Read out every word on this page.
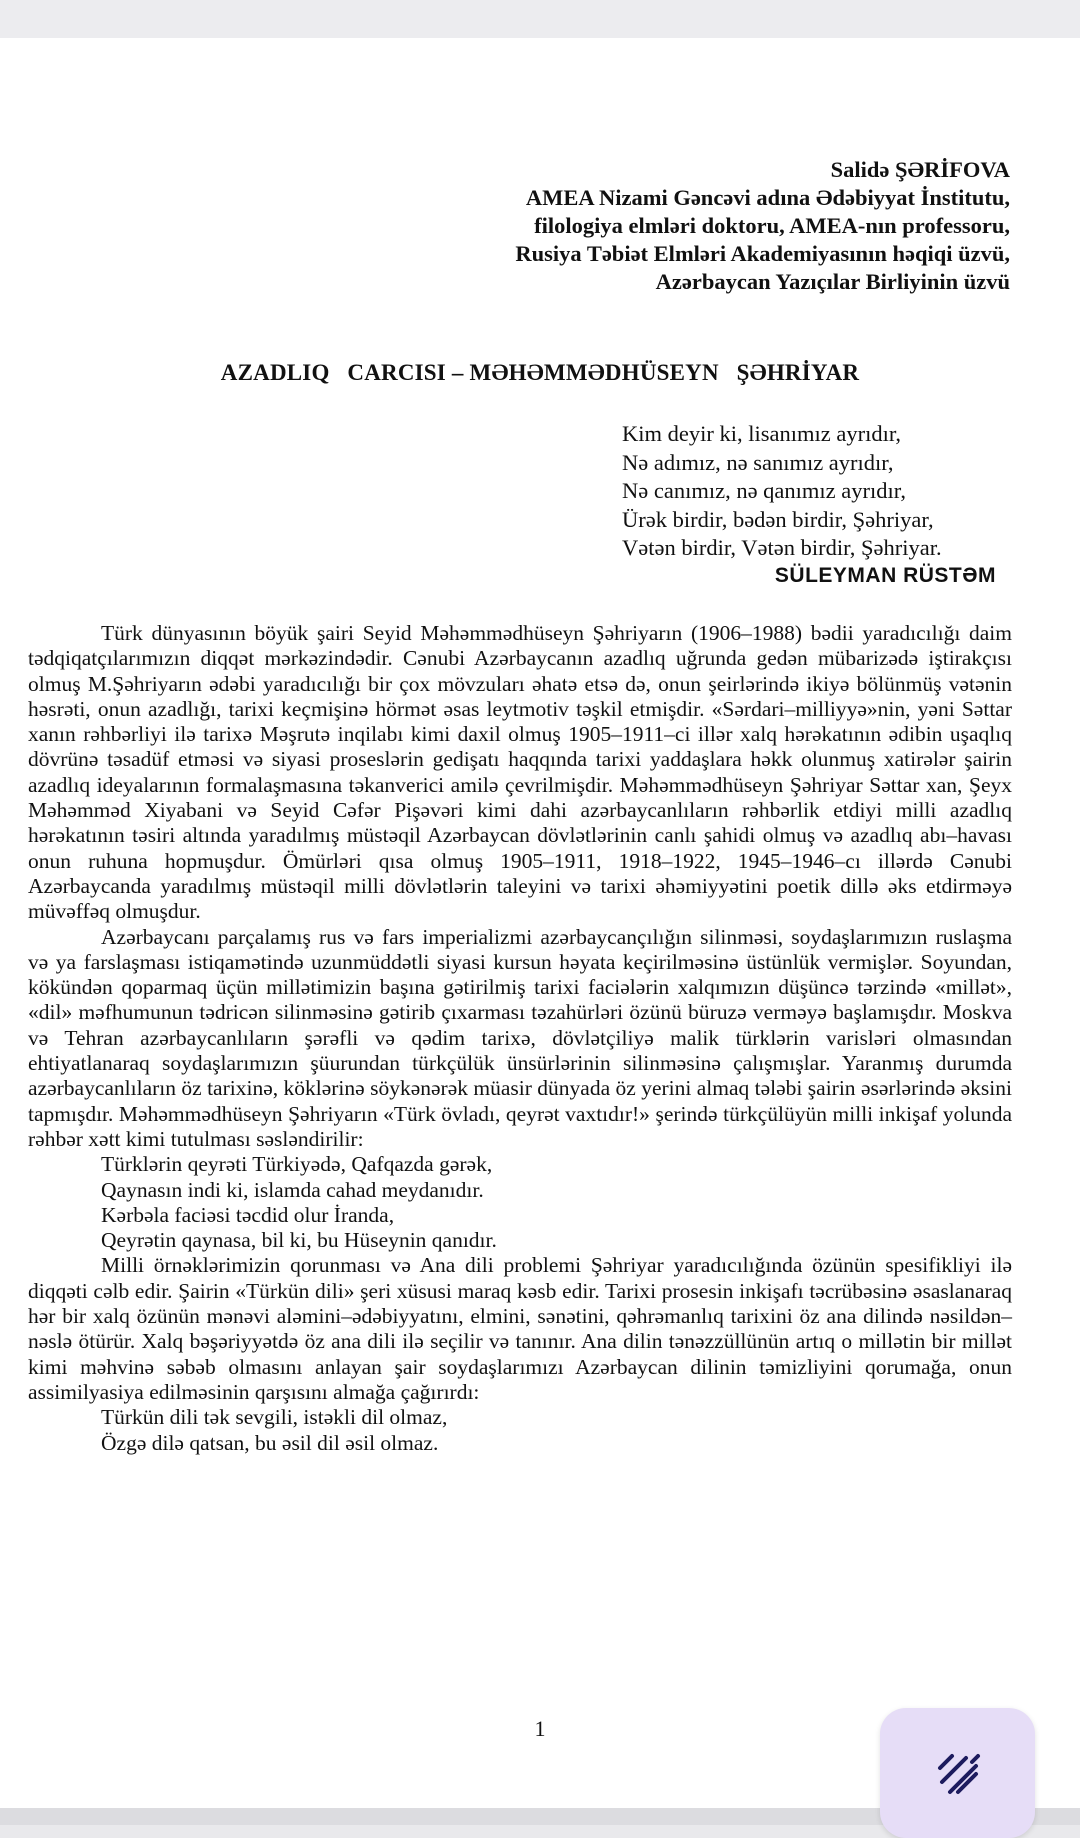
Salidə ŞƏRİFOVA
AMEA Nizami Gəncəvi adına Ədəbiyyat İnstitutu,
filologiya elmləri doktoru, AMEA-nın professoru,
Rusiya Təbiət Elmləri Akademiyasının həqiqi üzvü,
Azərbaycan Yazıçılar Birliyinin üzvü
AZADLIQ   CARCISI – MƏHƏMMƏDHÜSEYN   ŞƏHRİYAR
Kim deyir ki, lisanımız ayrıdır,
Nə adımız, nə sanımız ayrıdır,
Nə canımız, nə qanımız ayrıdır,
Ürək birdir, bədən birdir, Şəhriyar,
Vətən birdir, Vətən birdir, Şəhriyar.
SÜLEYMAN RÜSTƏM

Türk dünyasının böyük şairi Seyid Məhəmmədhüseyn Şəhriyarın (1906–1988) bədii yaradıcılığı daim tədqiqatçılarımızın diqqət mərkəzindədir. Cənubi Azərbaycanın azadlıq uğrunda gedən mübarizədə iştirakçısı olmuş M.Şəhriyarın ədəbi yaradıcılığı bir çox mövzuları əhatə etsə də, onun şeirlərində ikiyə bölünmüş vətənin həsrəti, onun azadlığı, tarixi keçmişinə hörmət əsas leytmotiv təşkil etmişdir. «Sərdari–milliyyə»nin, yəni Səttar xanın rəhbərliyi ilə tarixə Məşrutə inqilabı kimi daxil olmuş 1905–1911–ci illər xalq hərəkatının ədibin uşaqlıq dövrünə təsadüf etməsi və siyasi proseslərin gedişatı haqqında tarixi yaddaşlara həkk olunmuş xatirələr şairin azadlıq ideyalarının formalaşmasına təkanverici amilə çevrilmişdir. Məhəmmədhüseyn Şəhriyar Səttar xan, Şeyx Məhəmməd Xiyabani və Seyid Cəfər Pişəvəri kimi dahi azərbaycanlıların rəhbərlik etdiyi milli azadlıq hərəkatının təsiri altında yaradılmış müstəqil Azərbaycan dövlətlərinin canlı şahidi olmuş və azadlıq abı–havası onun ruhuna hopmuşdur. Ömürləri qısa olmuş 1905–1911, 1918–1922, 1945–1946–cı illərdə Cənubi Azərbaycanda yaradılmış müstəqil milli dövlətlərin taleyini və tarixi əhəmiyyətini poetik dillə əks etdirməyə müvəffəq olmuşdur.

Azərbaycanı parçalamış rus və fars imperializmi azərbaycançılığın silinməsi, soydaşlarımızın ruslaşma və ya farslaşması istiqamətində uzunmüddətli siyasi kursun həyata keçirilməsinə üstünlük vermişlər. Soyundan, kökündən qoparmaq üçün millətimizin başına gətirilmiş tarixi faciələrin xalqımızın düşüncə tərzində «millət», «dil» məfhumunun tədricən silinməsinə gətirib çıxarması təzahürləri özünü büruzə verməyə başlamışdır. Moskva və Tehran azərbaycanlıların şərəfli və qədim tarixə, dövlətçiliyə malik türklərin varisləri olmasından ehtiyatlanaraq soydaşlarımızın şüurundan türkçülük ünsürlərinin silinməsinə çalışmışlar. Yaranmış durumda azərbaycanlıların öz tarixinə, köklərinə söykənərək müasir dünyada öz yerini almaq tələbi şairin əsərlərində əksini tapmışdır. Məhəmmədhüseyn Şəhriyarın «Türk övladı, qeyrət vaxtıdır!» şerində türkçülüyün milli inkişaf yolunda rəhbər xətt kimi tutulması səsləndirilir:

Türklərin qeyrəti Türkiyədə, Qafqazda gərək,
Qaynasın indi ki, islamda cahad meydanıdır.
Kərbəla faciəsi təcdid olur İranda,
Qeyrətin qaynasa, bil ki, bu Hüseynin qanıdır.

Milli örnəklərimizin qorunması və Ana dili problemi Şəhriyar yaradıcılığında özünün spesifikliyi ilə diqqəti cəlb edir. Şairin «Türkün dili» şeri xüsusi maraq kəsb edir. Tarixi prosesin inkişafı təcrübəsinə əsaslanaraq hər bir xalq özünün mənəvi aləmini–ədəbiyyatını, elmini, sənətini, qəhrəmanlıq tarixini öz ana dilində nəsildən–nəslə ötürür. Xalq bəşəriyyətdə öz ana dili ilə seçilir və tanınır. Ana dilin tənəzzüllünün artıq o millətin bir millət kimi məhvinə səbəb olmasını anlayan şair soydaşlarımızı Azərbaycan dilinin təmizliyini qorumağa, onun assimilyasiya edilməsinin qarşısını almağa çağırırdı:

Türkün dili tək sevgili, istəkli dil olmaz,
Özgə dilə qatsan, bu əsil dil əsil olmaz.
1
